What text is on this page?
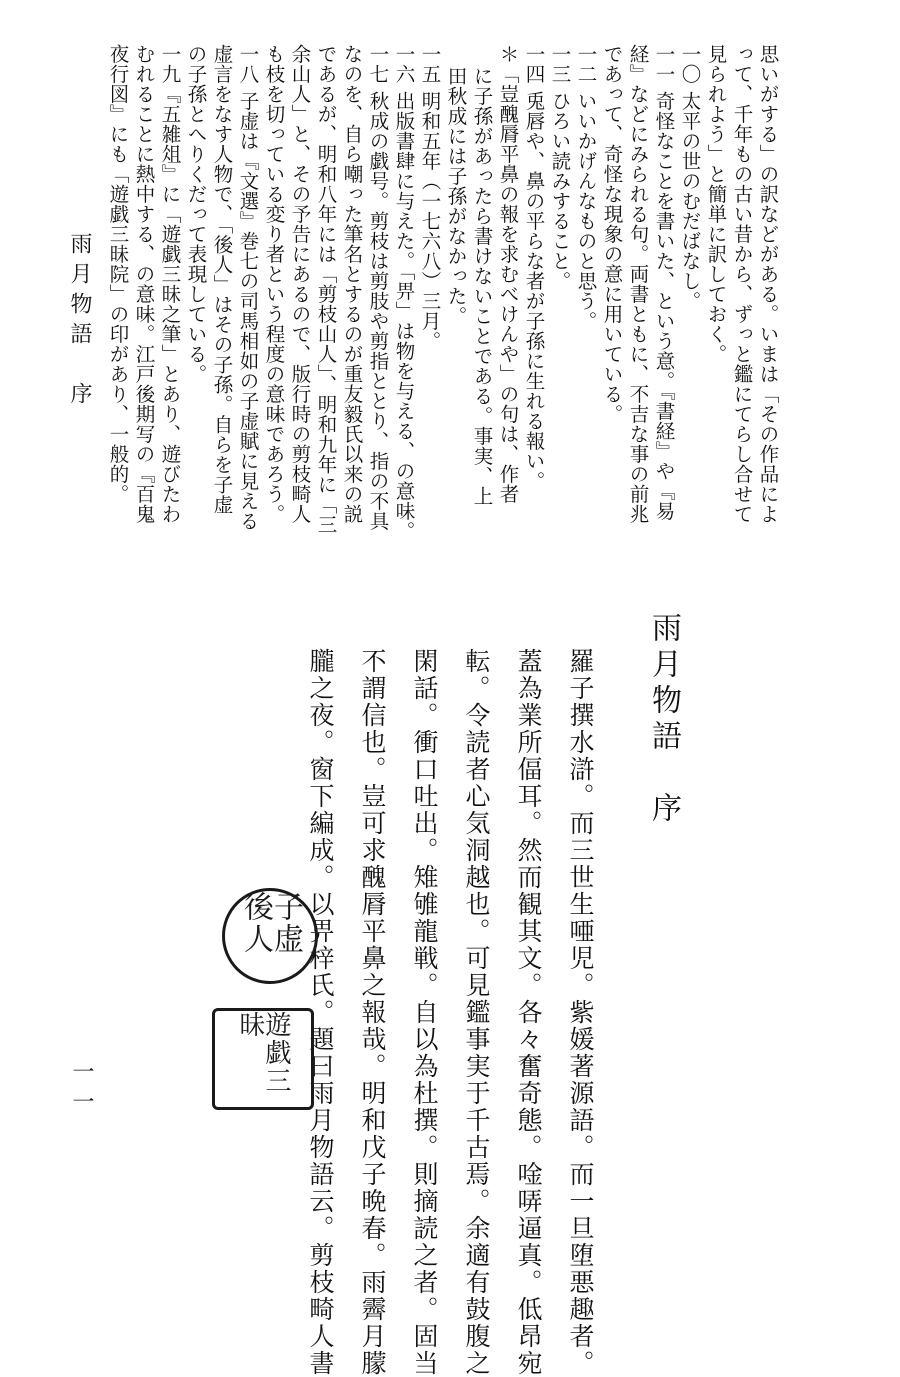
思いがする」の訳などがある。いまは「その作品によ
って、千年もの古い昔から、ずっと鑑にてらし合せて
見られよう」と簡単に訳しておく。
一〇 太平の世のむだばなし。
一一 奇怪なことを書いた、という意。『書経』や『易
経』などにみられる句。両書ともに、不吉な事の前兆
であって、奇怪な現象の意に用いている。
一二 いいかげんなものと思う。
一三 ひろい読みすること。
一四 兎唇や、鼻の平らな者が子孫に生れる報い。
＊「豈醜脣平鼻の報を求むべけんや」の句は、作者
に子孫があったら書けないことである。事実、上
田秋成には子孫がなかった。
一五 明和五年（一七六八）三月。
一六 出版書肆に与えた。「畀」は物を与える、の意味。
一七 秋成の戯号。剪枝は剪肢や剪指ととり、指の不具
なのを、自ら嘲った筆名とするのが重友毅氏以来の説
であるが、明和八年には「剪枝山人」、明和九年に「三
余山人」と、その予告にあるので、版行時の剪枝畸人
も枝を切っている変り者という程度の意味であろう。
一八 子虚は『文選』巻七の司馬相如の子虚賦に見える
虚言をなす人物で、「後人」はその子孫。自らを子虚
の子孫とへりくだって表現している。
一九『五雑俎』に「遊戯三昧之筆」とあり、遊びたわ
むれることに熱中する、の意味。江戸後期写の『百鬼
夜行図』にも「遊戯三昧院」の印があり、一般的。
雨月物語　序
雨月物語　序
羅子撰水滸。而三世生唖児。紫媛著源語。而一旦堕悪趣者。
蓋為業所偪耳。然而観其文。各々奮奇態。唫哢逼真。低昂宛
転。令読者心気洞越也。可見鑑事実于千古焉。余適有鼓腹之
閑話。衝口吐出。雉雊龍戦。自以為杜撰。則摘読之者。固当
不謂信也。豈可求醜脣平鼻之報哉。明和戊子晩春。雨霽月朦
朧之夜。窗下編成。以畀梓氏。題曰雨月物語云。剪枝畸人書
子虚後人
遊戯三昧
一一
